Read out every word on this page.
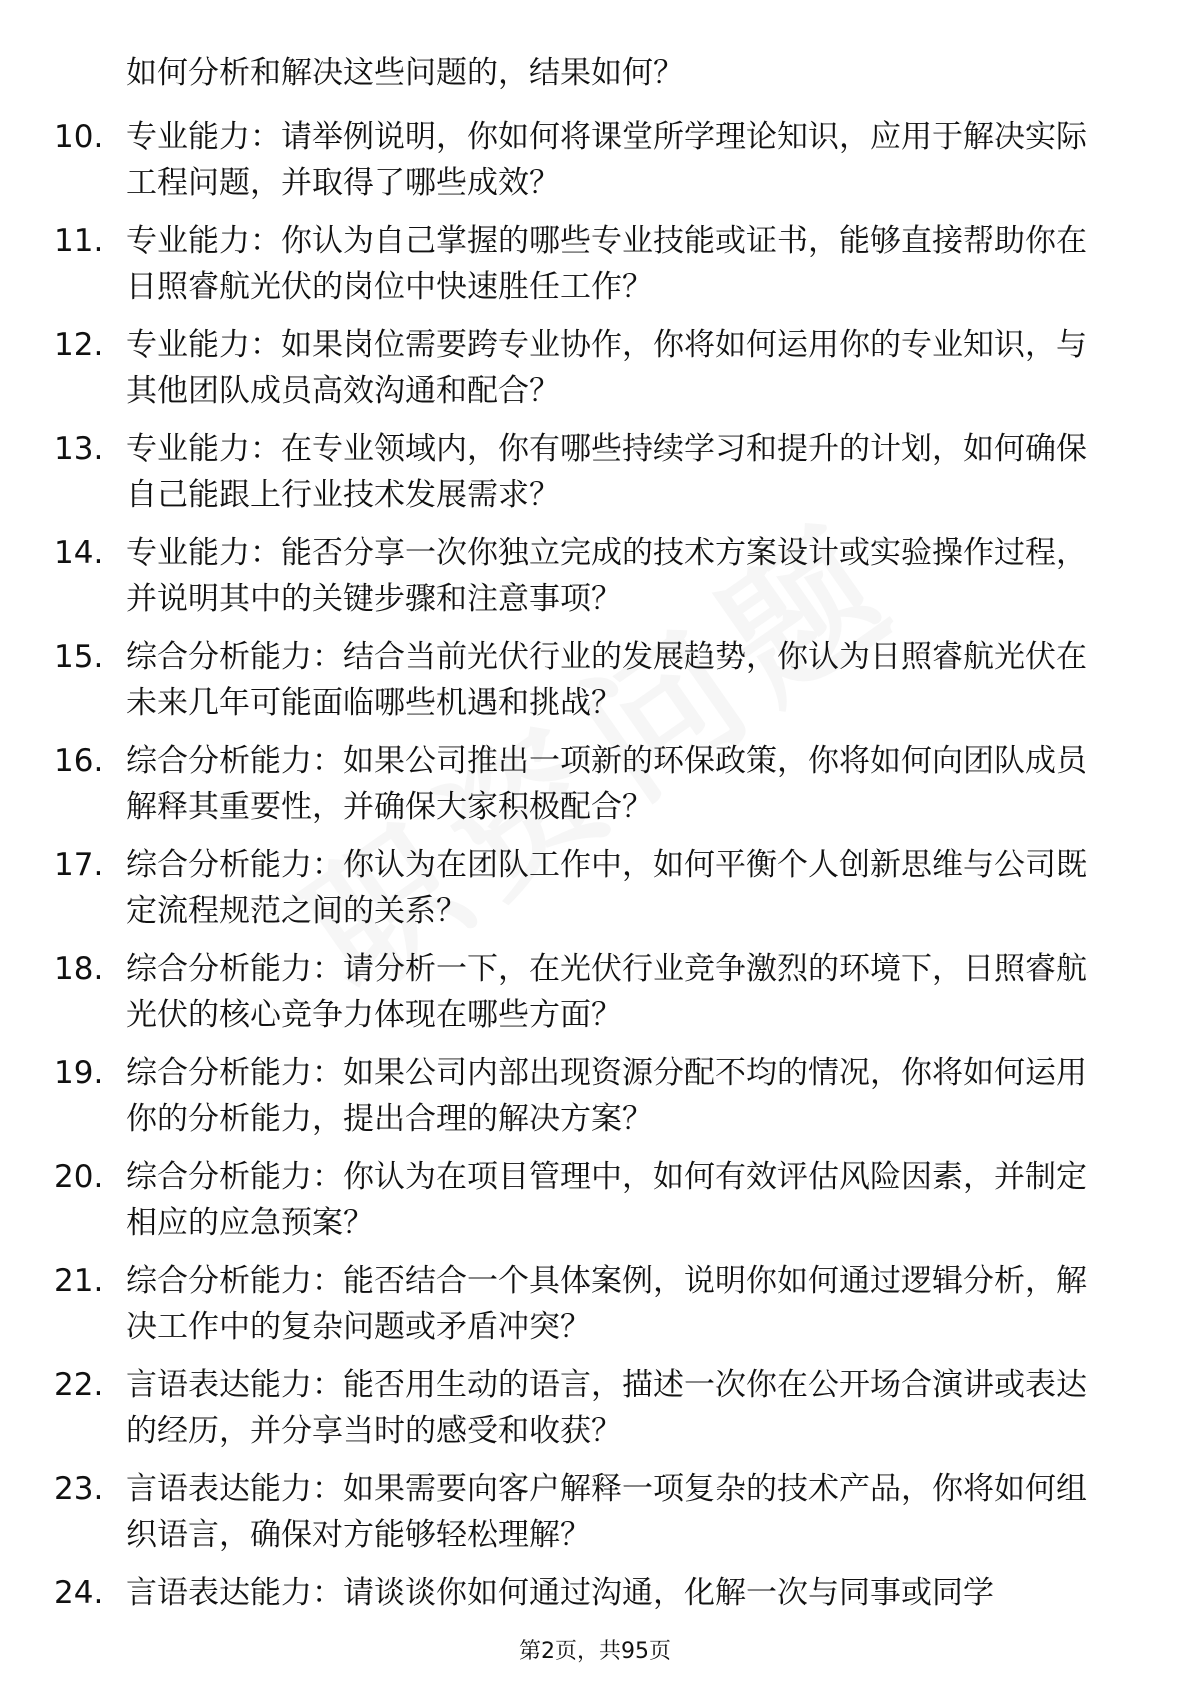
如何分析和解决这些问题的，结果如何？
10. 专业能力：请举例说明，你如何将课堂所学理论知识，应用于解决实际工程问题，并取得了哪些成效？
11. 专业能力：你认为自己掌握的哪些专业技能或证书，能够直接帮助你在日照睿航光伏的岗位中快速胜任工作？
12. 专业能力：如果岗位需要跨专业协作，你将如何运用你的专业知识，与其他团队成员高效沟通和配合？
13. 专业能力：在专业领域内，你有哪些持续学习和提升的计划，如何确保自己能跟上行业技术发展需求？
14. 专业能力：能否分享一次你独立完成的技术方案设计或实验操作过程，并说明其中的关键步骤和注意事项？
15. 综合分析能力：结合当前光伏行业的发展趋势，你认为日照睿航光伏在未来几年可能面临哪些机遇和挑战？
16. 综合分析能力：如果公司推出一项新的环保政策，你将如何向团队成员解释其重要性，并确保大家积极配合？
17. 综合分析能力：你认为在团队工作中，如何平衡个人创新思维与公司既定流程规范之间的关系？
18. 综合分析能力：请分析一下，在光伏行业竞争激烈的环境下，日照睿航光伏的核心竞争力体现在哪些方面？
19. 综合分析能力：如果公司内部出现资源分配不均的情况，你将如何运用你的分析能力，提出合理的解决方案？
20. 综合分析能力：你认为在项目管理中，如何有效评估风险因素，并制定相应的应急预案？
21. 综合分析能力：能否结合一个具体案例，说明你如何通过逻辑分析，解决工作中的复杂问题或矛盾冲突？
22. 言语表达能力：能否用生动的语言，描述一次你在公开场合演讲或表达的经历，并分享当时的感受和收获？
23. 言语表达能力：如果需要向客户解释一项复杂的技术产品，你将如何组织语言，确保对方能够轻松理解？
24. 言语表达能力：请谈谈你如何通过沟通，化解一次与同事或同学
第2页，共95页
